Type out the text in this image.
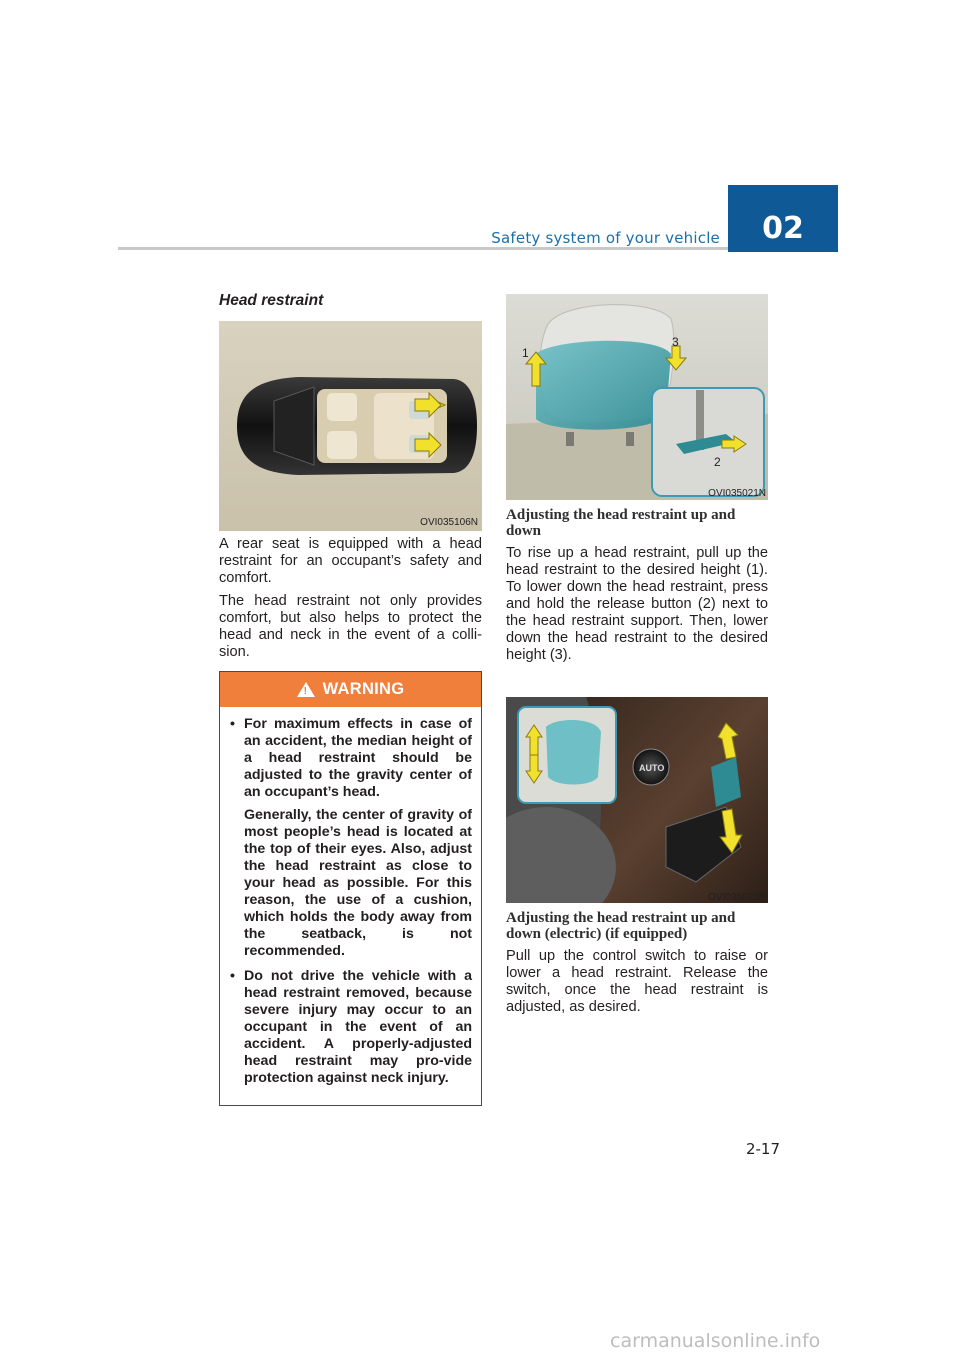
Safety system of your vehicle	02
Head restraint
OVI035106N

A rear seat is equipped with a head restraint for an occupant’s safety and comfort.

The head restraint not only provides comfort, but also helps to protect the head and neck in the event of a colli-sion.

! WARNING
• For maximum effects in case of an accident, the median height of a head restraint should be adjusted to the gravity center of an occupant’s head.

Generally, the center of gravity of most people’s head is located at the top of their eyes. Also, adjust the head restraint as close to your head as possible. For this reason, the use of a cushion, which holds the body away from the seatback, is not recommended.

• Do not drive the vehicle with a head restraint removed, because severe injury may occur to an occupant in the event of an accident. A properly-adjusted head restraint may pro-vide protection against neck injury.

1
3
2
OVI035021N
Adjusting the head restraint up and down
To rise up a head restraint, pull up the head restraint to the desired height (1). To lower down the head restraint, press and hold the release button (2) next to the head restraint support. Then, lower down the head restraint to the desired height (3).
AUTO
OVI035023N
Adjusting the head restraint up and down (electric) (if equipped)
Pull up the control switch to raise or lower a head restraint. Release the switch, once the head restraint is adjusted, as desired.
2-17
carmanualsonline.info
